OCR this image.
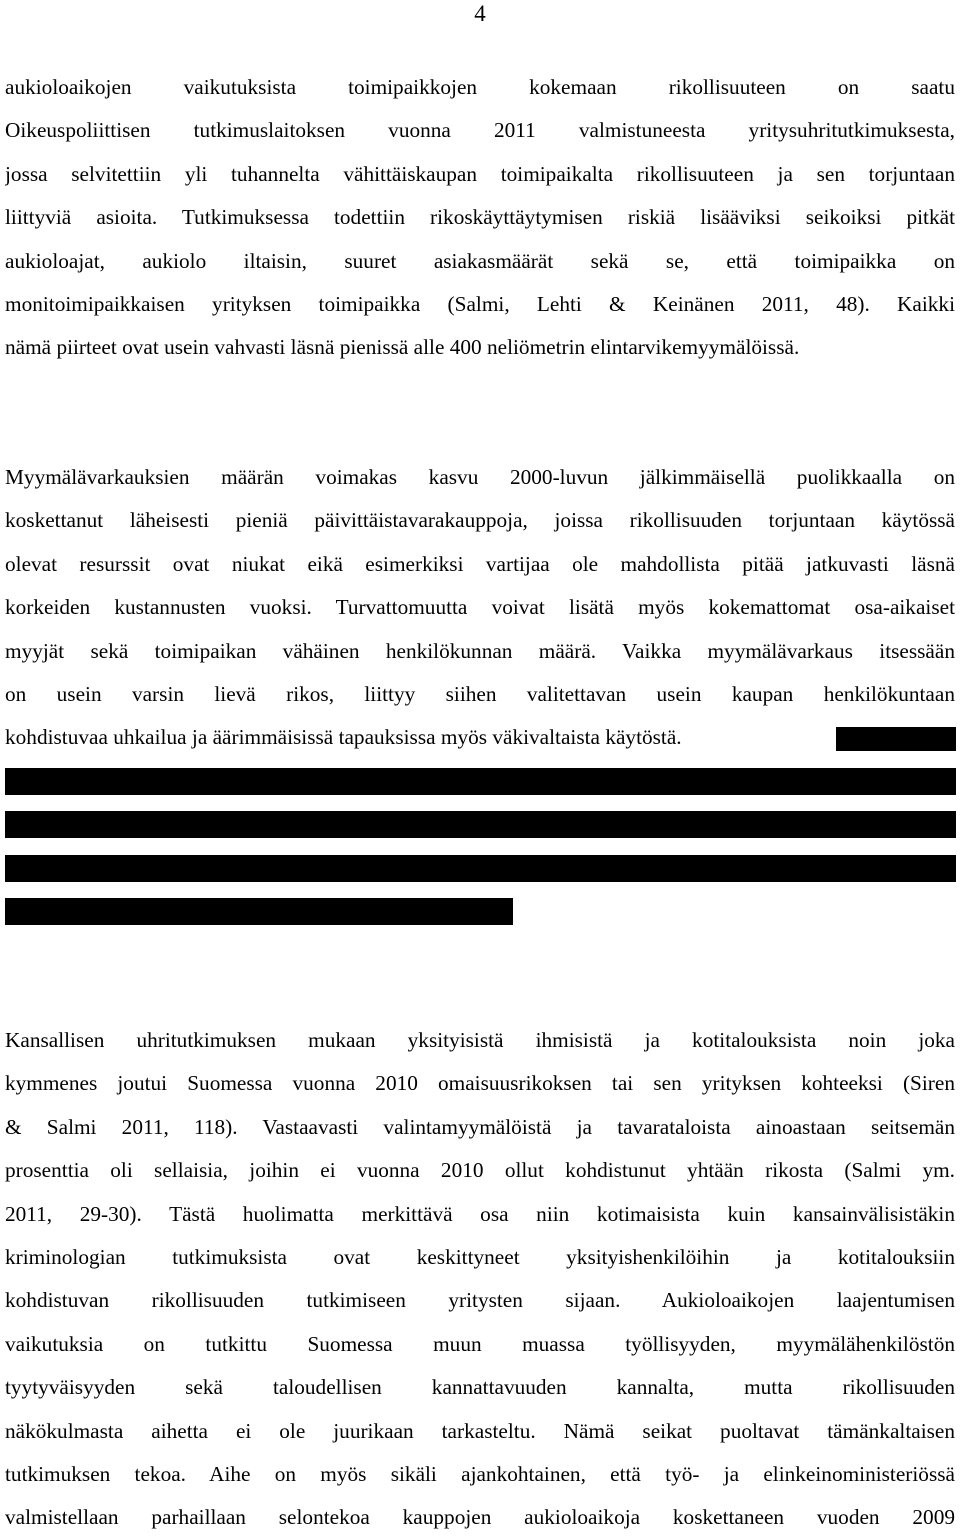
4
aukioloaikojen vaikutuksista toimipaikkojen kokemaan rikollisuuteen on saatu
Oikeuspoliittisen tutkimuslaitoksen vuonna 2011 valmistuneesta yritysuhritutkimuksesta,
jossa selvitettiin yli tuhannelta vähittäiskaupan toimipaikalta rikollisuuteen ja sen torjuntaan
liittyviä asioita. Tutkimuksessa todettiin rikoskäyttäytymisen riskiä lisääviksi seikoiksi pitkät
aukioloajat, aukiolo iltaisin, suuret asiakasmäärät sekä se, että toimipaikka on
monitoimipaikkaisen yrityksen toimipaikka (Salmi, Lehti & Keinänen 2011, 48). Kaikki
nämä piirteet ovat usein vahvasti läsnä pienissä alle 400 neliömetrin elintarvikemyymälöissä.
Myymälävarkauksien määrän voimakas kasvu 2000-luvun jälkimmäisellä puolikkaalla on
koskettanut läheisesti pieniä päivittäistavarakauppoja, joissa rikollisuuden torjuntaan käytössä
olevat resurssit ovat niukat eikä esimerkiksi vartijaa ole mahdollista pitää jatkuvasti läsnä
korkeiden kustannusten vuoksi. Turvattomuutta voivat lisätä myös kokemattomat osa-aikaiset
myyjät sekä toimipaikan vähäinen henkilökunnan määrä. Vaikka myymälävarkaus itsessään
on usein varsin lievä rikos, liittyy siihen valitettavan usein kaupan henkilökuntaan
kohdistuvaa uhkailua ja äärimmäisissä tapauksissa myös väkivaltaista käytöstä.
Kansallisen uhritutkimuksen mukaan yksityisistä ihmisistä ja kotitalouksista noin joka
kymmenes joutui Suomessa vuonna 2010 omaisuusrikoksen tai sen yrityksen kohteeksi (Siren
& Salmi 2011, 118). Vastaavasti valintamyymälöistä ja tavarataloista ainoastaan seitsemän
prosenttia oli sellaisia, joihin ei vuonna 2010 ollut kohdistunut yhtään rikosta (Salmi ym.
2011, 29-30). Tästä huolimatta merkittävä osa niin kotimaisista kuin kansainvälisistäkin
kriminologian tutkimuksista ovat keskittyneet yksityishenkilöihin ja kotitalouksiin
kohdistuvan rikollisuuden tutkimiseen yritysten sijaan. Aukioloaikojen laajentumisen
vaikutuksia on tutkittu Suomessa muun muassa työllisyyden, myymälähenkilöstön
tyytyväisyyden sekä taloudellisen kannattavuuden kannalta, mutta rikollisuuden
näkökulmasta aihetta ei ole juurikaan tarkasteltu. Nämä seikat puoltavat tämänkaltaisen
tutkimuksen tekoa. Aihe on myös sikäli ajankohtainen, että työ- ja elinkeinoministeriössä
valmistellaan parhaillaan selontekoa kauppojen aukioloaikoja koskettaneen vuoden 2009
